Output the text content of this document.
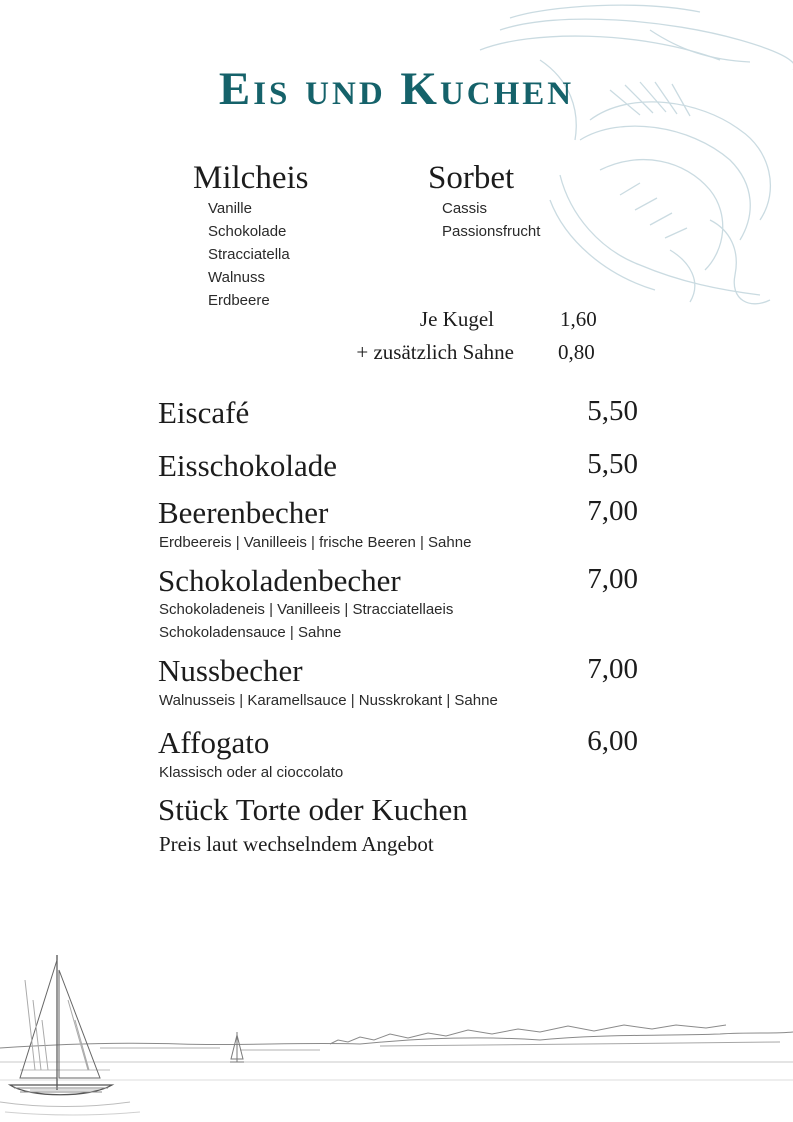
Eis und Kuchen
Milcheis
Vanille
Schokolade
Stracciatella
Walnuss
Erdbeere
Sorbet
Cassis
Passionsfrucht
Je Kugel	1,60
+ zusätzlich Sahne 0,80
Eiscafé	5,50
Eisschokolade	5,50
Beerenbecher	7,00
Erdbeereis | Vanilleeis | frische Beeren | Sahne
Schokoladenbecher	7,00
Schokoladeneis | Vanilleeis | Stracciatellaeis
Schokoladensauce | Sahne
Nussbecher	7,00
Walnusseis | Karamellsauce | Nusskrokant | Sahne
Affogato	6,00
Klassisch oder al cioccolato
Stück Torte oder Kuchen
Preis laut wechselndem Angebot
